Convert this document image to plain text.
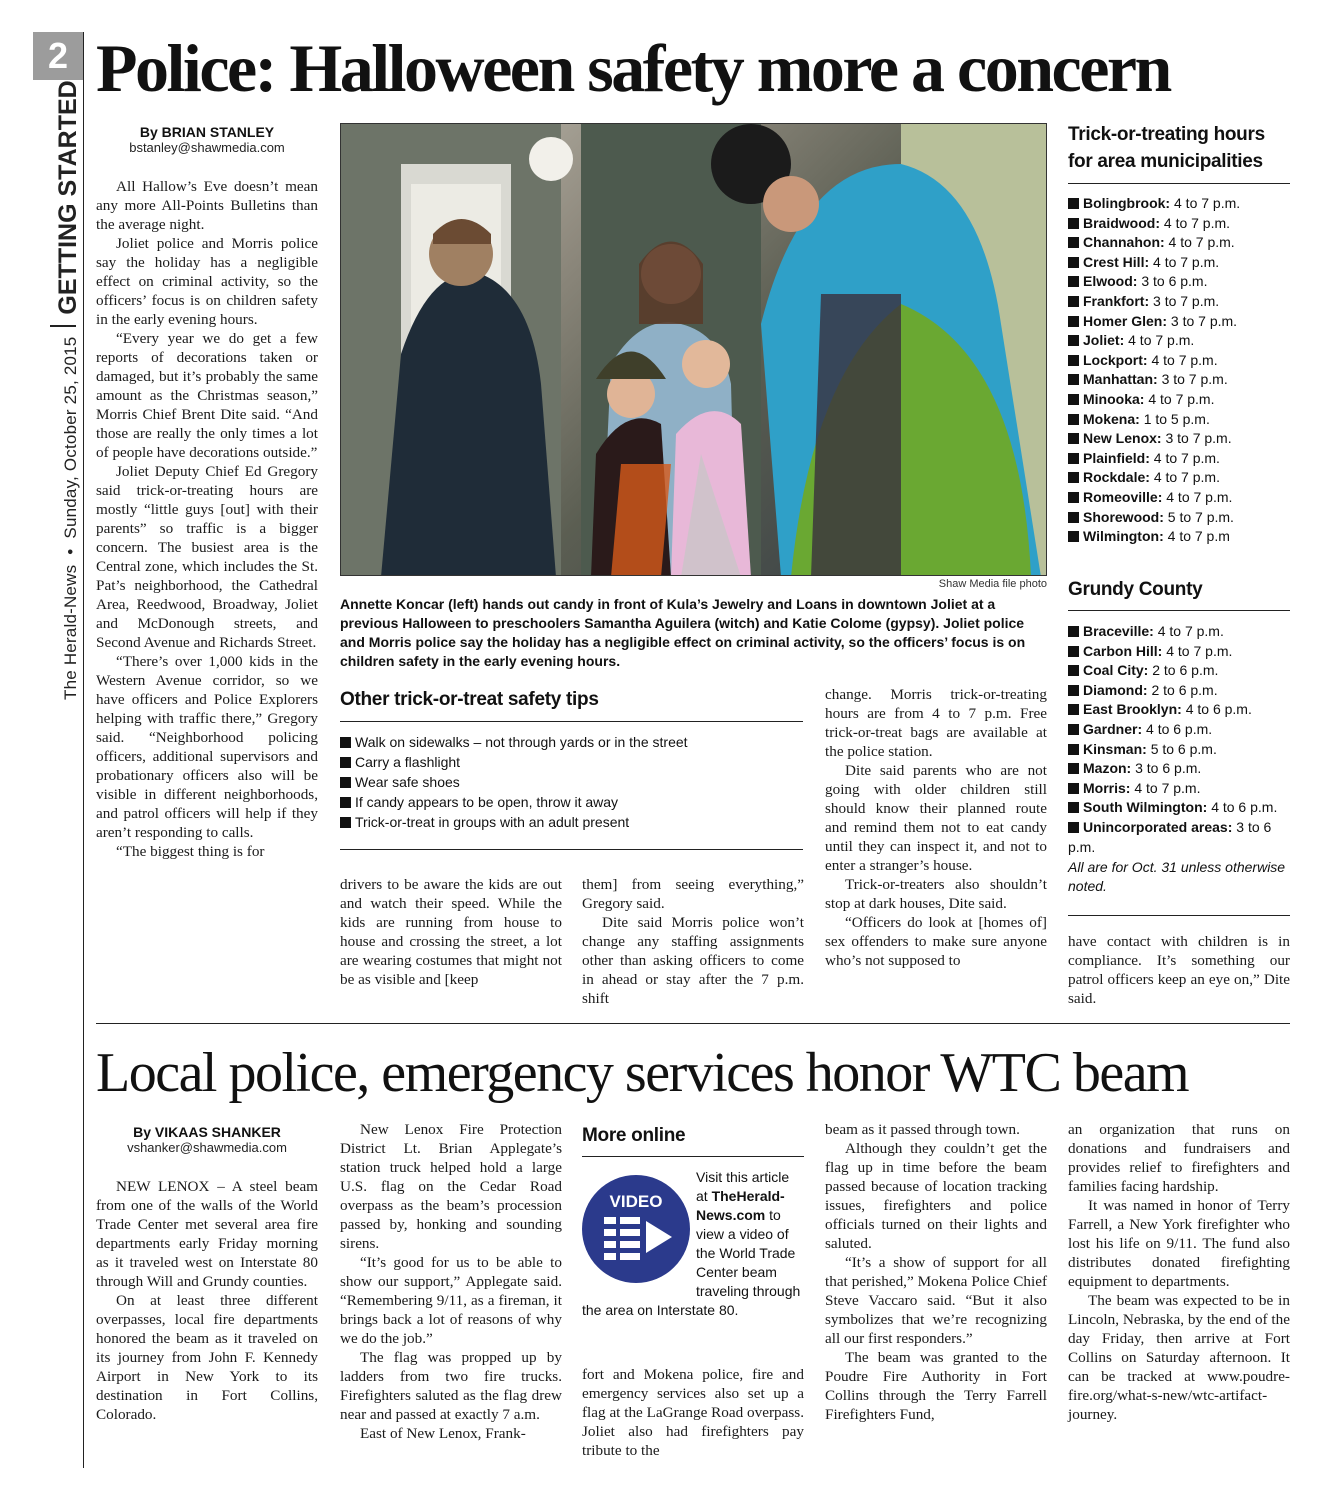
2
The Herald-News
•
Sunday, October 25, 2015
GETTING STARTED
Police: Halloween safety more a concern
By BRIAN STANLEY
bstanley@shawmedia.com

All Hallow’s Eve doesn’t mean any more All-Points Bulletins than the average night.

Joliet police and Morris police say the holiday has a negligible effect on criminal activity, so the officers’ focus is on children safety in the early evening hours.

“Every year we do get a few reports of decorations taken or damaged, but it’s probably the same amount as the Christmas season,” Morris Chief Brent Dite said. “And those are really the only times a lot of people have decorations outside.”

Joliet Deputy Chief Ed Gregory said trick-or-treating hours are mostly “little guys [out] with their parents” so traffic is a bigger concern. The busiest area is the Central zone, which includes the St. Pat’s neighborhood, the Cathedral Area, Reedwood, Broadway, Joliet and McDonough streets, and Second Avenue and Richards Street.

“There’s over 1,000 kids in the Western Avenue corridor, so we have officers and Police Explorers helping with traffic there,” Gregory said. “Neighborhood policing officers, additional supervisors and probationary officers also will be visible in different neighborhoods, and patrol officers will help if they aren’t responding to calls.

“The biggest thing is for

Shaw Media file photo
Annette Koncar (left) hands out candy in front of Kula’s Jewelry and Loans in downtown Joliet at a previous Halloween to preschoolers Samantha Aguilera (witch) and Katie Colome (gypsy). Joliet police and Morris police say the holiday has a negligible effect on criminal activity, so the officers’ focus is on children safety in the early evening hours.
Other trick-or-treat safety tips
Walk on sidewalks – not through yards or in the street
Carry a flashlight
Wear safe shoes
If candy appears to be open, throw it away
Trick-or-treat in groups with an adult present

drivers to be aware the kids are out and watch their speed. While the kids are running from house to house and crossing the street, a lot are wearing costumes that might not be as visible and [keep

them] from seeing everything,” Gregory said.

Dite said Morris police won’t change any staffing assignments other than asking officers to come in ahead or stay after the 7 p.m. shift

change. Morris trick-or-treating hours are from 4 to 7 p.m. Free trick-or-treat bags are available at the police station.

Dite said parents who are not going with older children still should know their planned route and remind them not to eat candy until they can inspect it, and not to enter a stranger’s house.

Trick-or-treaters also shouldn’t stop at dark houses, Dite said.

“Officers do look at [homes of] sex offenders to make sure anyone who’s not supposed to

Trick-or-treating hours for area municipalities
Bolingbrook: 4 to 7 p.m.
Braidwood: 4 to 7 p.m.
Channahon: 4 to 7 p.m.
Crest Hill: 4 to 7 p.m.
Elwood: 3 to 6 p.m.
Frankfort: 3 to 7 p.m.
Homer Glen: 3 to 7 p.m.
Joliet: 4 to 7 p.m.
Lockport: 4 to 7 p.m.
Manhattan: 3 to 7 p.m.
Minooka: 4 to 7 p.m.
Mokena: 1 to 5 p.m.
New Lenox: 3 to 7 p.m.
Plainfield: 4 to 7 p.m.
Rockdale: 4 to 7 p.m.
Romeoville: 4 to 7 p.m.
Shorewood: 5 to 7 p.m.
Wilmington: 4 to 7 p.m
Grundy County
Braceville: 4 to 7 p.m.
Carbon Hill: 4 to 7 p.m.
Coal City: 2 to 6 p.m.
Diamond: 2 to 6 p.m.
East Brooklyn: 4 to 6 p.m.
Gardner: 4 to 6 p.m.
Kinsman: 5 to 6 p.m.
Mazon: 3 to 6 p.m.
Morris: 4 to 7 p.m.
South Wilmington: 4 to 6 p.m.
Unincorporated areas: 3 to 6 p.m.
All are for Oct. 31 unless otherwise noted.

have contact with children is in compliance. It’s something our patrol officers keep an eye on,” Dite said.

Local police, emergency services honor WTC beam
By VIKAAS SHANKER
vshanker@shawmedia.com

NEW LENOX – A steel beam from one of the walls of the World Trade Center met several area fire departments early Friday morning as it traveled west on Interstate 80 through Will and Grundy counties.

On at least three different overpasses, local fire departments honored the beam as it traveled on its journey from John F. Kennedy Airport in New York to its destination in Fort Collins, Colorado.

New Lenox Fire Protection District Lt. Brian Applegate’s station truck helped hold a large U.S. flag on the Cedar Road overpass as the beam’s procession passed by, honking and sounding sirens.

“It’s good for us to be able to show our support,” Applegate said. “Remembering 9/11, as a fireman, it brings back a lot of reasons of why we do the job.”

The flag was propped up by ladders from two fire trucks. Firefighters saluted as the flag drew near and passed at exactly 7 a.m.

East of New Lenox, Frank-

More online
VIDEO
Visit this article at TheHerald-News.com to view a video of the World Trade Center beam traveling through the area on Interstate 80.

fort and Mokena police, fire and emergency services also set up a flag at the LaGrange Road overpass. Joliet also had firefighters pay tribute to the

beam as it passed through town.

Although they couldn’t get the flag up in time before the beam passed because of location tracking issues, firefighters and police officials turned on their lights and saluted.

“It’s a show of support for all that perished,” Mokena Police Chief Steve Vaccaro said. “But it also symbolizes that we’re recognizing all our first responders.”

The beam was granted to the Poudre Fire Authority in Fort Collins through the Terry Farrell Firefighters Fund,

an organization that runs on donations and fundraisers and provides relief to firefighters and families facing hardship.

It was named in honor of Terry Farrell, a New York firefighter who lost his life on 9/11. The fund also distributes donated firefighting equipment to departments.

The beam was expected to be in Lincoln, Nebraska, by the end of the day Friday, then arrive at Fort Collins on Saturday afternoon. It can be tracked at www.poudre-fire.org/what-s-new/wtc-artifact-journey.
